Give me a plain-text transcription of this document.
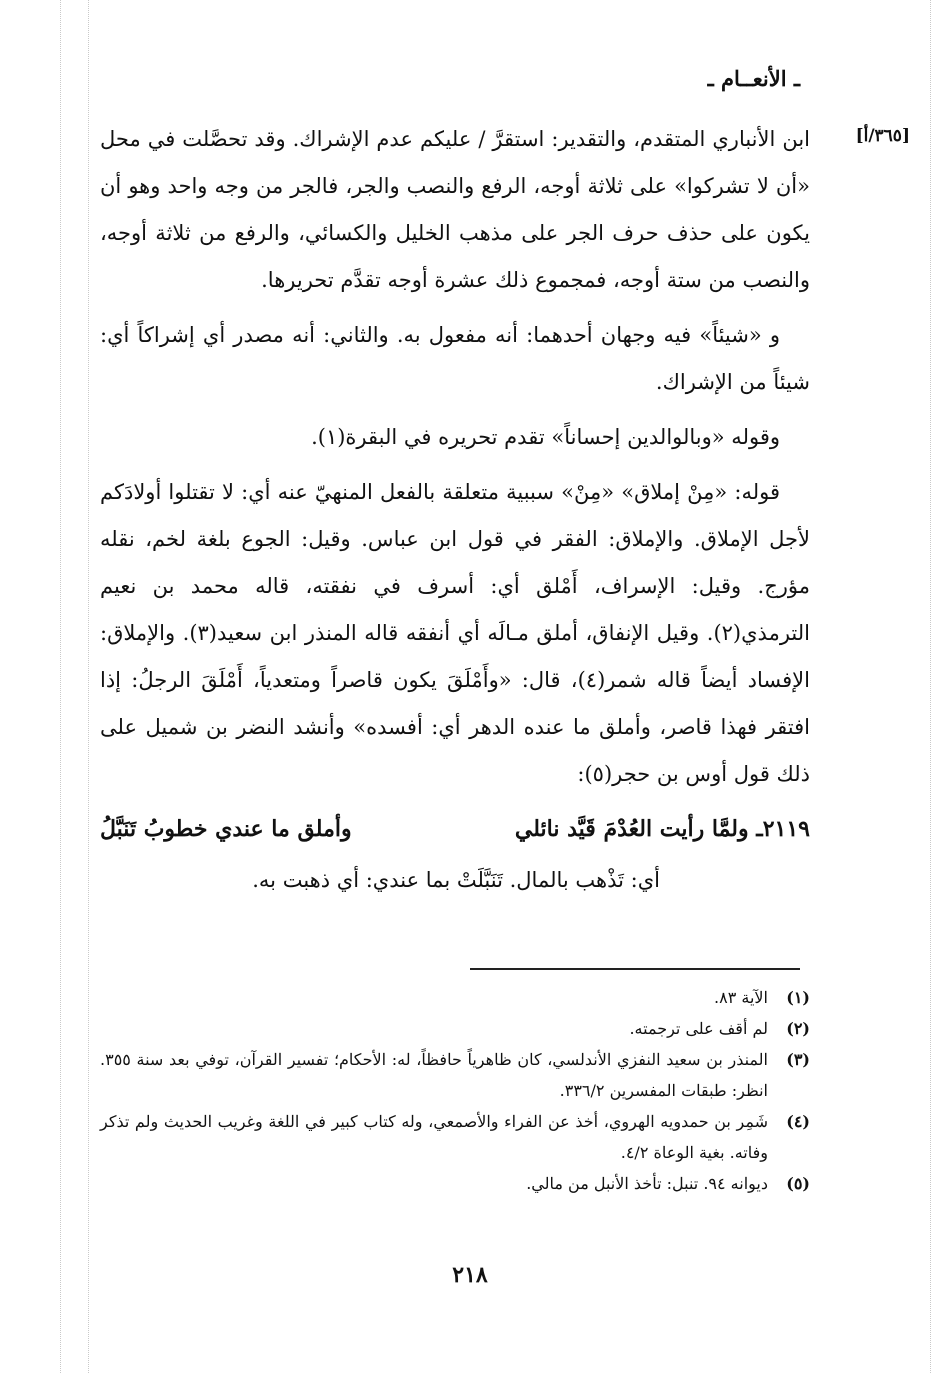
ـ الأنعــام ـ
[٣٦٥/أ]

ابن الأنباري المتقدم، والتقدير: استقرَّ / عليكم عدم الإشراك. وقد تحصَّلت في محل «أن لا تشركوا» على ثلاثة أوجه، الرفع والنصب والجر، فالجر من وجه واحد وهو أن يكون على حذف حرف الجر على مذهب الخليل والكسائي، والرفع من ثلاثة أوجه، والنصب من ستة أوجه، فمجموع ذلك عشرة أوجه تقدَّم تحريرها.

و «شيئاً» فيه وجهان أحدهما: أنه مفعول به. والثاني: أنه مصدر أي إشراكاً أي: شيئاً من الإشراك.

وقوله «وبالوالدين إحساناً» تقدم تحريره في البقرة(١).

قوله: «مِنْ إملاق» «مِنْ» سببية متعلقة بالفعل المنهيّ عنه أي: لا تقتلوا أولادَكم لأجل الإملاق. والإملاق: الفقر في قول ابن عباس. وقيل: الجوع بلغة لخم، نقله مؤرج. وقيل: الإسراف، أَمْلق أي: أسرف في نفقته، قاله محمد بن نعيم الترمذي(٢). وقيل الإنفاق، أملق مـالَه أي أنفقه قاله المنذر ابن سعيد(٣). والإملاق: الإفساد أيضاً قاله شمر(٤)، قال: «وأَمْلَقَ يكون قاصراً ومتعدياً، أَمْلَقَ الرجلُ: إذا افتقر فهذا قاصر، وأملق ما عنده الدهر أي: أفسده» وأنشد النضر بن شميل على ذلك قول أوس بن حجر(٥):

٢١١٩ـ ولمَّا رأيت العُدْمَ قَيَّد نائلي
وأملق ما عندي خطوبُ تَنَبَّلُ

أي: تَذْهب بالمال. تَنَبَّلَتْ بما عندي: أي ذهبت به.

(١)
الآية ٨٣.
(٢)
لم أقف على ترجمته.
(٣)
المنذر بن سعيد النفزي الأندلسي، كان ظاهرياً حافظاً، له: الأحكام؛ تفسير القرآن، توفي بعد سنة ٣٥٥. انظر: طبقات المفسرين ٣٣٦/٢.
(٤)
شَمِر بن حمدويه الهروي، أخذ عن الفراء والأصمعي، وله كتاب كبير في اللغة وغريب الحديث ولم تذكر وفاته. بغية الوعاة ٤/٢.
(٥)
ديوانه ٩٤. تنبل: تأخذ الأنبل من مالي.
٢١٨
